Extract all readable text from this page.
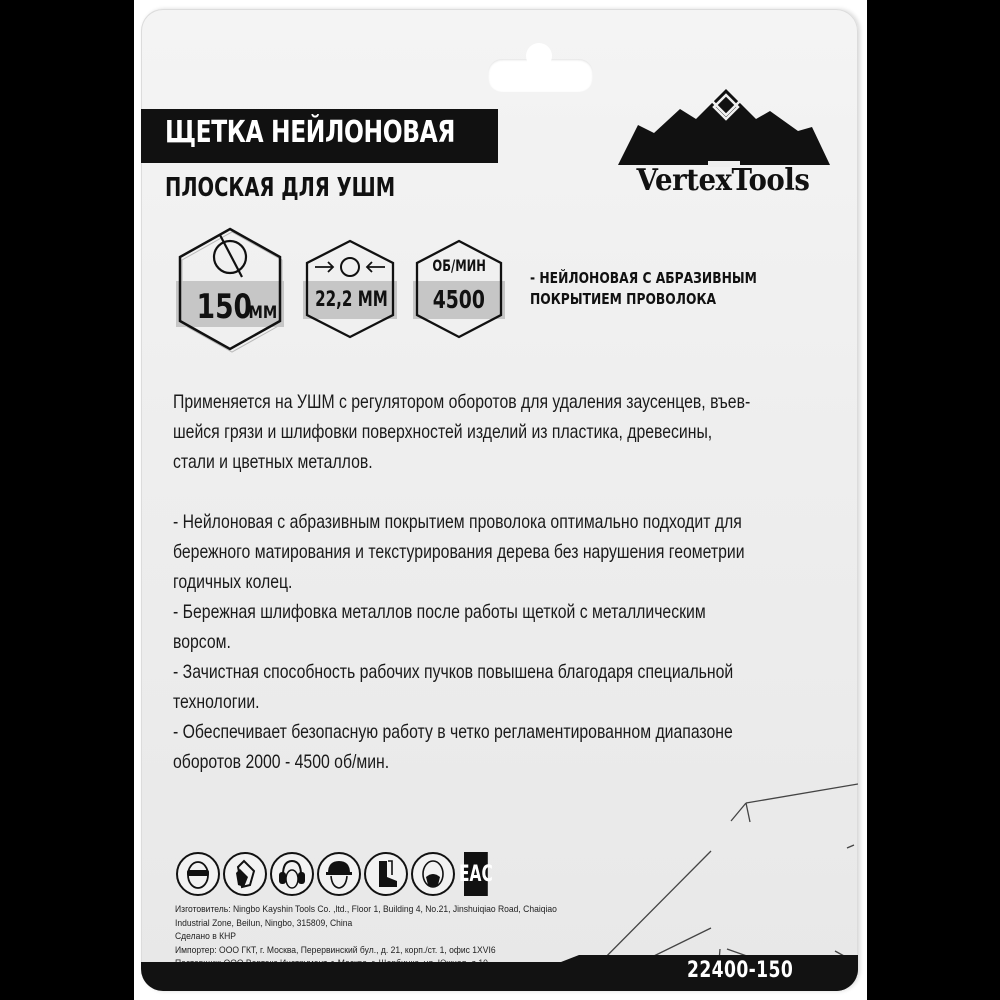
ЩЕТКА НЕЙЛОНОВАЯ
ПЛОСКАЯ ДЛЯ УШМ	VertexTools
150ММ
22,2 ММ
ОБ/МИН
4500
- НЕЙЛОНОВАЯ С АБРАЗИВНЫМ
ПОКРЫТИЕМ ПРОВОЛОКА
Применяется на УШМ с регулятором оборотов для удаления заусенцев, въев-
шейся грязи и шлифовки поверхностей изделий из пластика, древесины,
стали и цветных металлов.
- Нейлоновая с абразивным покрытием проволока оптимально подходит для
бережного матирования и текстурирования дерева без нарушения геометрии
годичных колец.
- Бережная шлифовка металлов после работы щеткой с металлическим
ворсом.
- Зачистная способность рабочих пучков повышена благодаря специальной
технологии.
- Обеспечивает безопасную работу в четко регламентированном диапазоне
оборотов 2000 - 4500 об/мин.
EAC
Изготовитель: Ningbo Kayshin Tools Co. ,ltd., Floor 1, Building 4, No.21, Jinshuiqiao Road, Chaiqiao
Industrial Zone, Beilun, Ningbo, 315809, China
Сделано в КНР
Импортер: ООО ГКТ, г. Москва, Перервинский бул., д. 21, корп./ст. 1, офис 1XVI6
22400-150
